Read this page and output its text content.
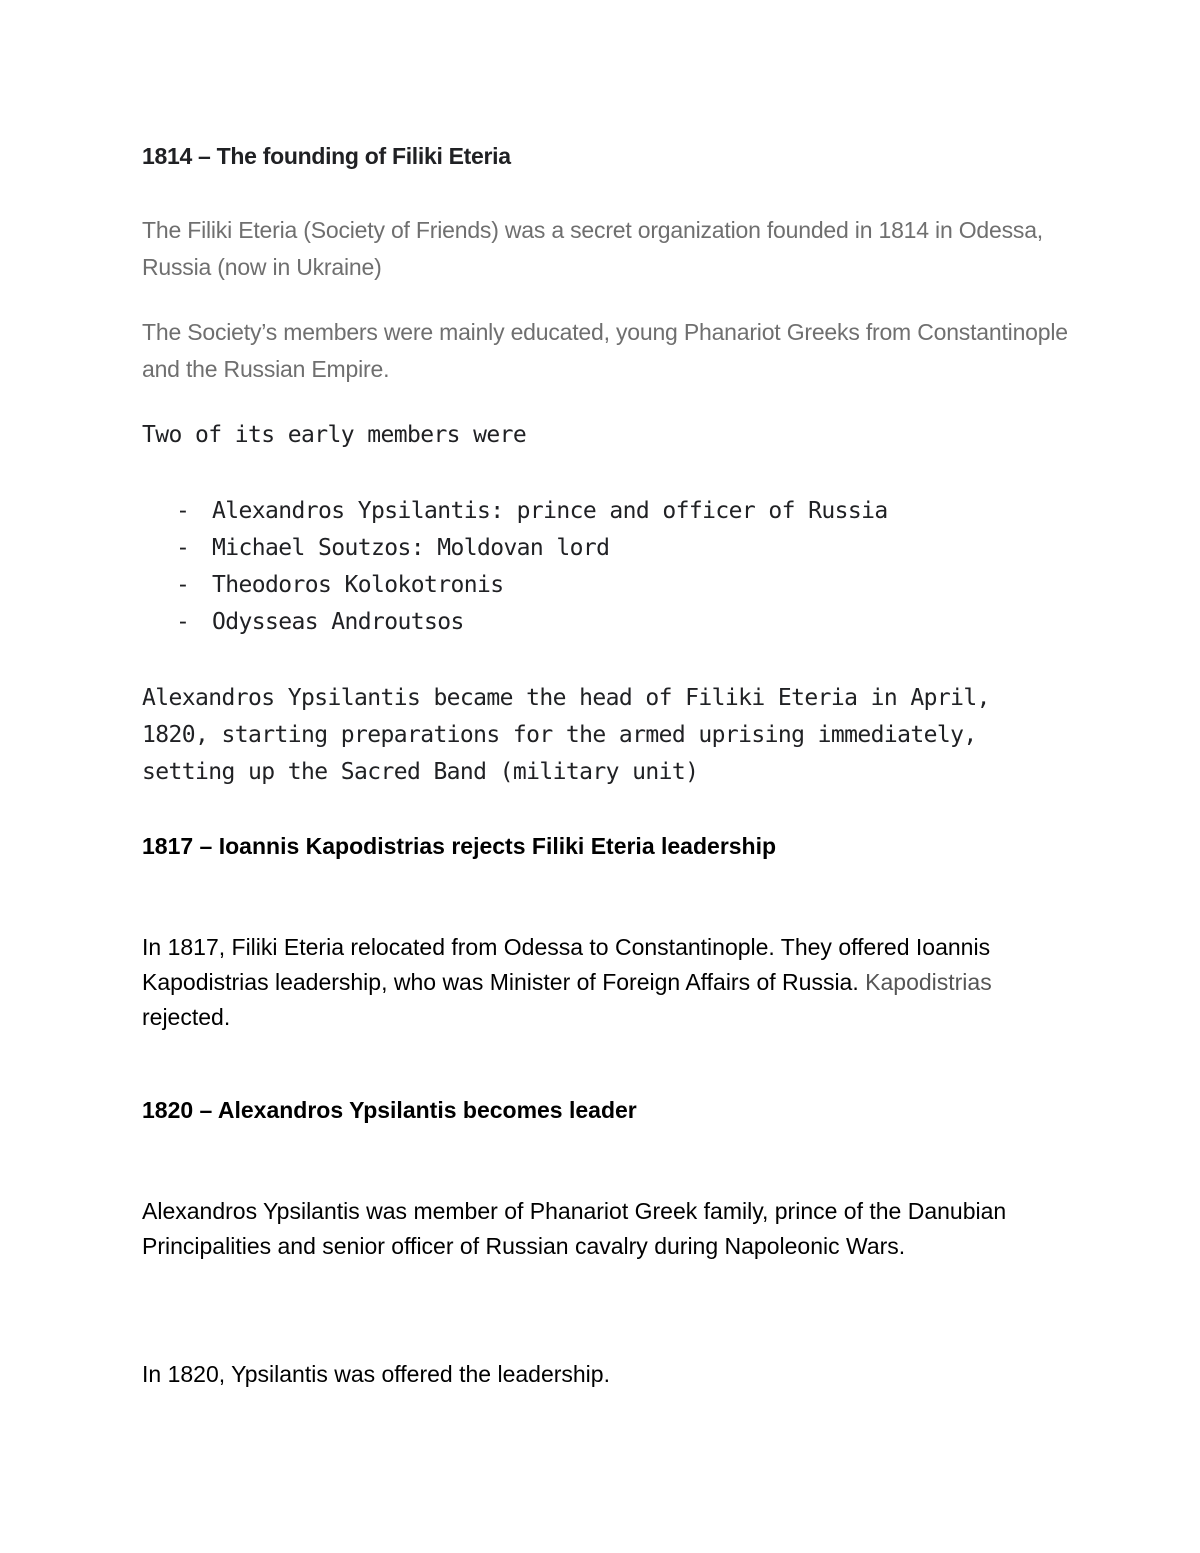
1814 – The founding of Filiki Eteria

The Filiki Eteria (Society of Friends) was a secret organization founded in 1814 in Odessa, Russia (now in Ukraine)

The Society’s members were mainly educated, young Phanariot Greeks from Constantinople and the Russian Empire.

Two of its early members were

- Alexandros Ypsilantis: prince and officer of Russia
- Michael Soutzos: Moldovan lord
- Theodoros Kolokotronis
- Odysseas Androutsos

Alexandros Ypsilantis became the head of Filiki Eteria in April, 1820, starting preparations for the armed uprising immediately, setting up the Sacred Band (military unit)

1817 – Ioannis Kapodistrias rejects Filiki Eteria leadership

In 1817, Filiki Eteria relocated from Odessa to Constantinople. They offered Ioannis Kapodistrias leadership, who was Minister of Foreign Affairs of Russia. Kapodistrias rejected.

1820 – Alexandros Ypsilantis becomes leader

Alexandros Ypsilantis was member of Phanariot Greek family, prince of the Danubian Principalities and senior officer of Russian cavalry during Napoleonic Wars.

In 1820, Ypsilantis was offered the leadership.
